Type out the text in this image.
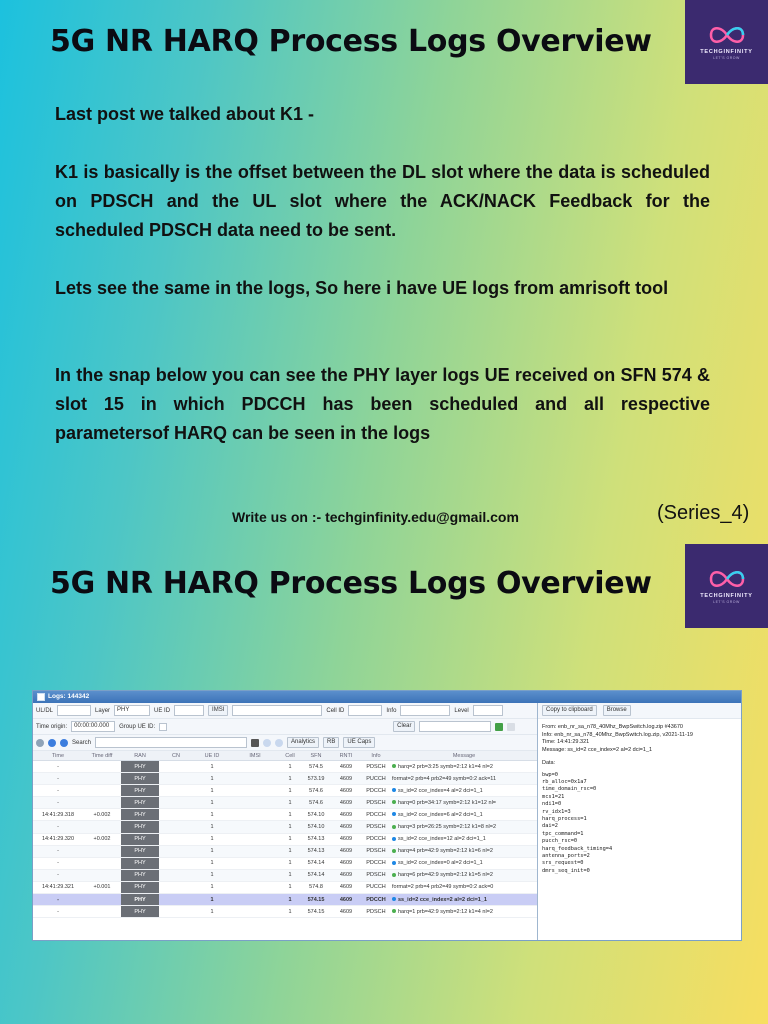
5G NR HARQ Process Logs Overview	TECHGINFINITY
LET'S GROW

Last post we talked about K1 -

K1 is basically is the offset between the DL slot where the data is scheduled on PDSCH and the UL slot where the ACK/NACK Feedback for the scheduled PDSCH data need to be sent.

Lets see the same in the logs, So here i have UE logs from amrisoft tool

In the snap below you can see the PHY layer logs UE received on SFN 574 & slot 15 in which PDCCH has been scheduled and all respective parametersof HARQ can be seen in the logs

Write us on :- techginfinity.edu@gmail.com	(Series_4)
5G NR HARQ Process Logs Overview	TECHGINFINITY
LET'S GROW
Logs: 144342
UL/DL	Layer	PHY	UE ID	IMSI	Cell ID	Info	Level
Time origin:	00:00:00.000	Group UE ID:	Clear
Search	Analytics	RB	UE Caps
Time	Time diff	RAN	CN	UE ID	IMSI	Cell	SFN	RNTI	Info	Message
-		PHY		1		1	574.5	4609	PDSCH	harq=2 prb=3:25 symb=2:12 k1=4 nl=2
-		PHY		1		1	573.19	4609	PUCCH	format=2 prb=4 prb2=49 symb=0:2 ack=11
-		PHY		1		1	574.6	4609	PDCCH	ss_id=2 cce_index=4 al=2 dci=1_1
-		PHY		1		1	574.6	4609	PDSCH	harq=0 prb=34:17 symb=2:12 k1=12 nl=
14:41:29.318	+0.002	PHY		1		1	574.10	4609	PDCCH	ss_id=2 cce_index=6 al=2 dci=1_1
-		PHY		1		1	574.10	4609	PDSCH	harq=3 prb=26:25 symb=2:12 k1=8 nl=2
14:41:29.320	+0.002	PHY		1		1	574.13	4609	PDCCH	ss_id=2 cce_index=12 al=2 dci=1_1
-		PHY		1		1	574.13	4609	PDSCH	harq=4 prb=42:9 symb=2:12 k1=6 nl=2
-		PHY		1		1	574.14	4609	PDCCH	ss_id=2 cce_index=0 al=2 dci=1_1
-		PHY		1		1	574.14	4609	PDSCH	harq=6 prb=42:9 symb=2:12 k1=5 nl=2
14:41:29.321	+0.001	PHY		1		1	574.8	4609	PUCCH	format=2 prb=4 prb2=49 symb=0:2 ack=0
-		PHY		1		1	574.15	4609	PDCCH	ss_id=2 cce_index=2 al=2 dci=1_1
-		PHY		1		1	574.15	4609	PDSCH	harq=1 prb=42:9 symb=2:12 k1=4 nl=2
Copy to clipboard	Browse
From: enb_nr_sa_n78_40Mhz_BwpSwitch.log.zip #43670
Info: enb_nr_sa_n78_40Mhz_BwpSwitch.log.zip, v2021-11-19
Time: 14:41:29.321
Message: ss_id=2 cce_index=2 al=2 dci=1_1
Data:
bwp=0
rb_alloc=0x1a7
time_domain_rsc=0
mcs1=21
ndi1=0
rv_idx1=3
harq_process=1
dai=2
tpc_command=1
pucch_rsc=0
harq_feedback_timing=4
antenna_ports=2
srs_request=0
dmrs_seq_init=0
